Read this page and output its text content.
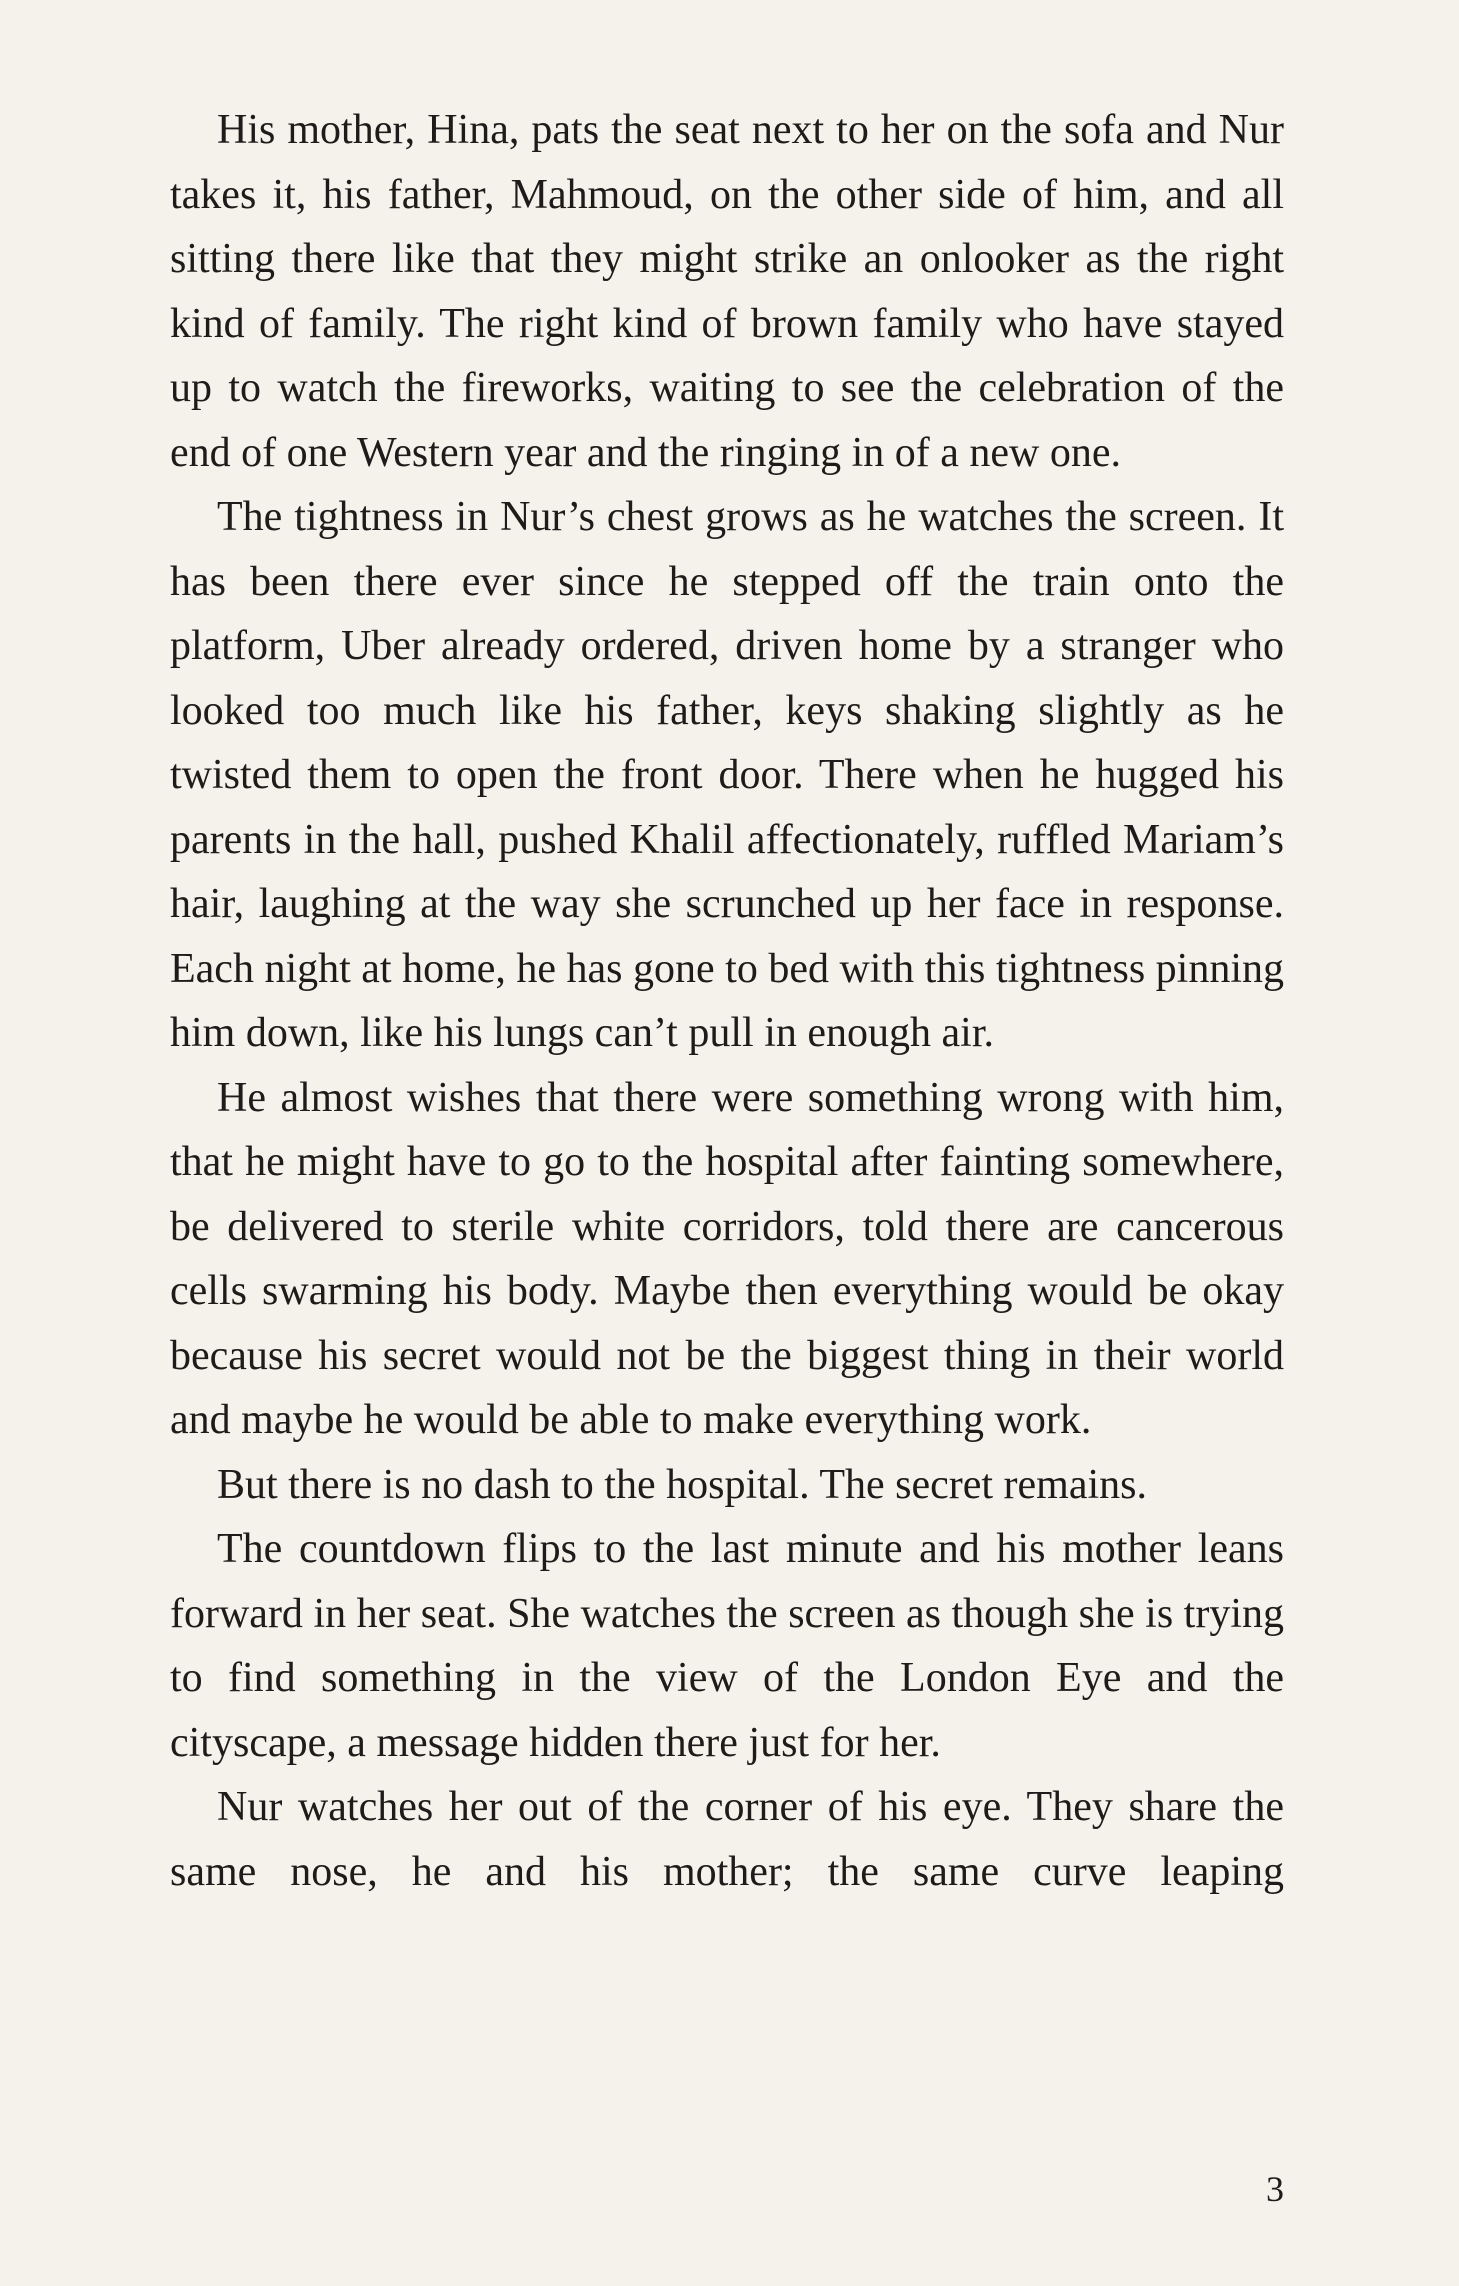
His mother, Hina, pats the seat next to her on the sofa and Nur takes it, his father, Mahmoud, on the other side of him, and all sitting there like that they might strike an onlooker as the right kind of family. The right kind of brown family who have stayed up to watch the fireworks, waiting to see the celebration of the end of one Western year and the ringing in of a new one.

The tightness in Nur’s chest grows as he watches the screen. It has been there ever since he stepped off the train onto the platform, Uber already ordered, driven home by a stranger who looked too much like his father, keys shaking slightly as he twisted them to open the front door. There when he hugged his parents in the hall, pushed Khalil affectionately, ruffled Mariam’s hair, laughing at the way she scrunched up her face in response. Each night at home, he has gone to bed with this tightness pinning him down, like his lungs can’t pull in enough air.

He almost wishes that there were something wrong with him, that he might have to go to the hospital after fainting somewhere, be delivered to sterile white corridors, told there are cancerous cells swarming his body. Maybe then everything would be okay because his secret would not be the biggest thing in their world and maybe he would be able to make everything work.

But there is no dash to the hospital. The secret remains.

The countdown flips to the last minute and his mother leans forward in her seat. She watches the screen as though she is trying to find something in the view of the London Eye and the cityscape, a message hidden there just for her.

Nur watches her out of the corner of his eye. They share the same nose, he and his mother; the same curve leaping

3
